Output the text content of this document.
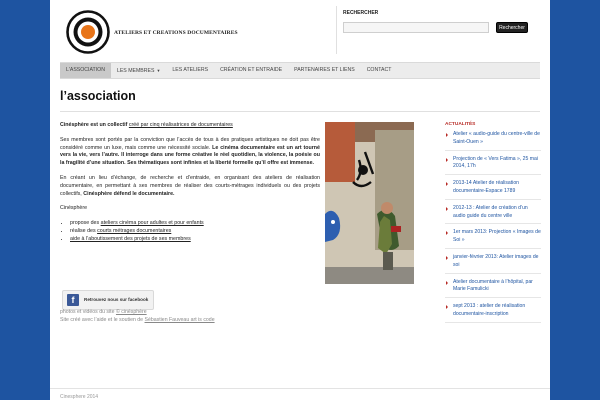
ATELIERS ET CREATIONS DOCUMENTAIRES
RECHERCHER
Rechercher
L'ASSOCIATION	LES MEMBRES ▼	LES ATELIERS	CRÉATION ET ENTRAIDE	PARTENAIRES ET LIENS	CONTACT
l’association

Cinésphère est un collectif créé par cinq réalisatrices de documentaires

Ses membres sont portés par la conviction que l’accès de tous à des pratiques artistiques ne doit pas être considéré comme un luxe, mais comme une nécessité sociale. Le cinéma documentaire est un art tourné vers la vie, vers l’autre. Il interroge dans une forme créative le réel quotidien, la violence, la poésie ou la fragilité d’une situation. Ses thématiques sont infinies et la liberté formelle qu’il offre est immense.

En créant un lieu d’échange, de recherche et d’entraide, en organisant des ateliers de réalisation documentaire, en permettant à ses membres de réaliser des courts-métrages individuels ou des projets collectifs, Cinésphère défend le documentaire.

Cinésphère

• propose des ateliers cinéma pour adultes et pour enfants
• réalise des courts métrages documentaires
• aide à l’aboutissement des projets de ses membres
f	Retrouvez nous sur facebook
photos et vidéos du site © cinésphère
Site créé avec l’aide et le soutien de Sébastien Fauveau art is code
Cinesphere 2014
ACTUALITÉS
Atelier « audio-guide du centre-ville de Saint-Ouen »
Projection de « Vers Fatima », 25 mai 2014, 17h
2013-14 Atelier de réalisation documentaire-Espace 1789
2012-13 : Atelier de création d’un audio guide du centre ville
1er mars 2013: Projection « Images de Soi »
janvier-février 2013: Atelier images de soi
Atelier documentaire à l’hôpital, par Marie Famulicki
sept 2013 : atelier de réalisation documentaire-inscription
